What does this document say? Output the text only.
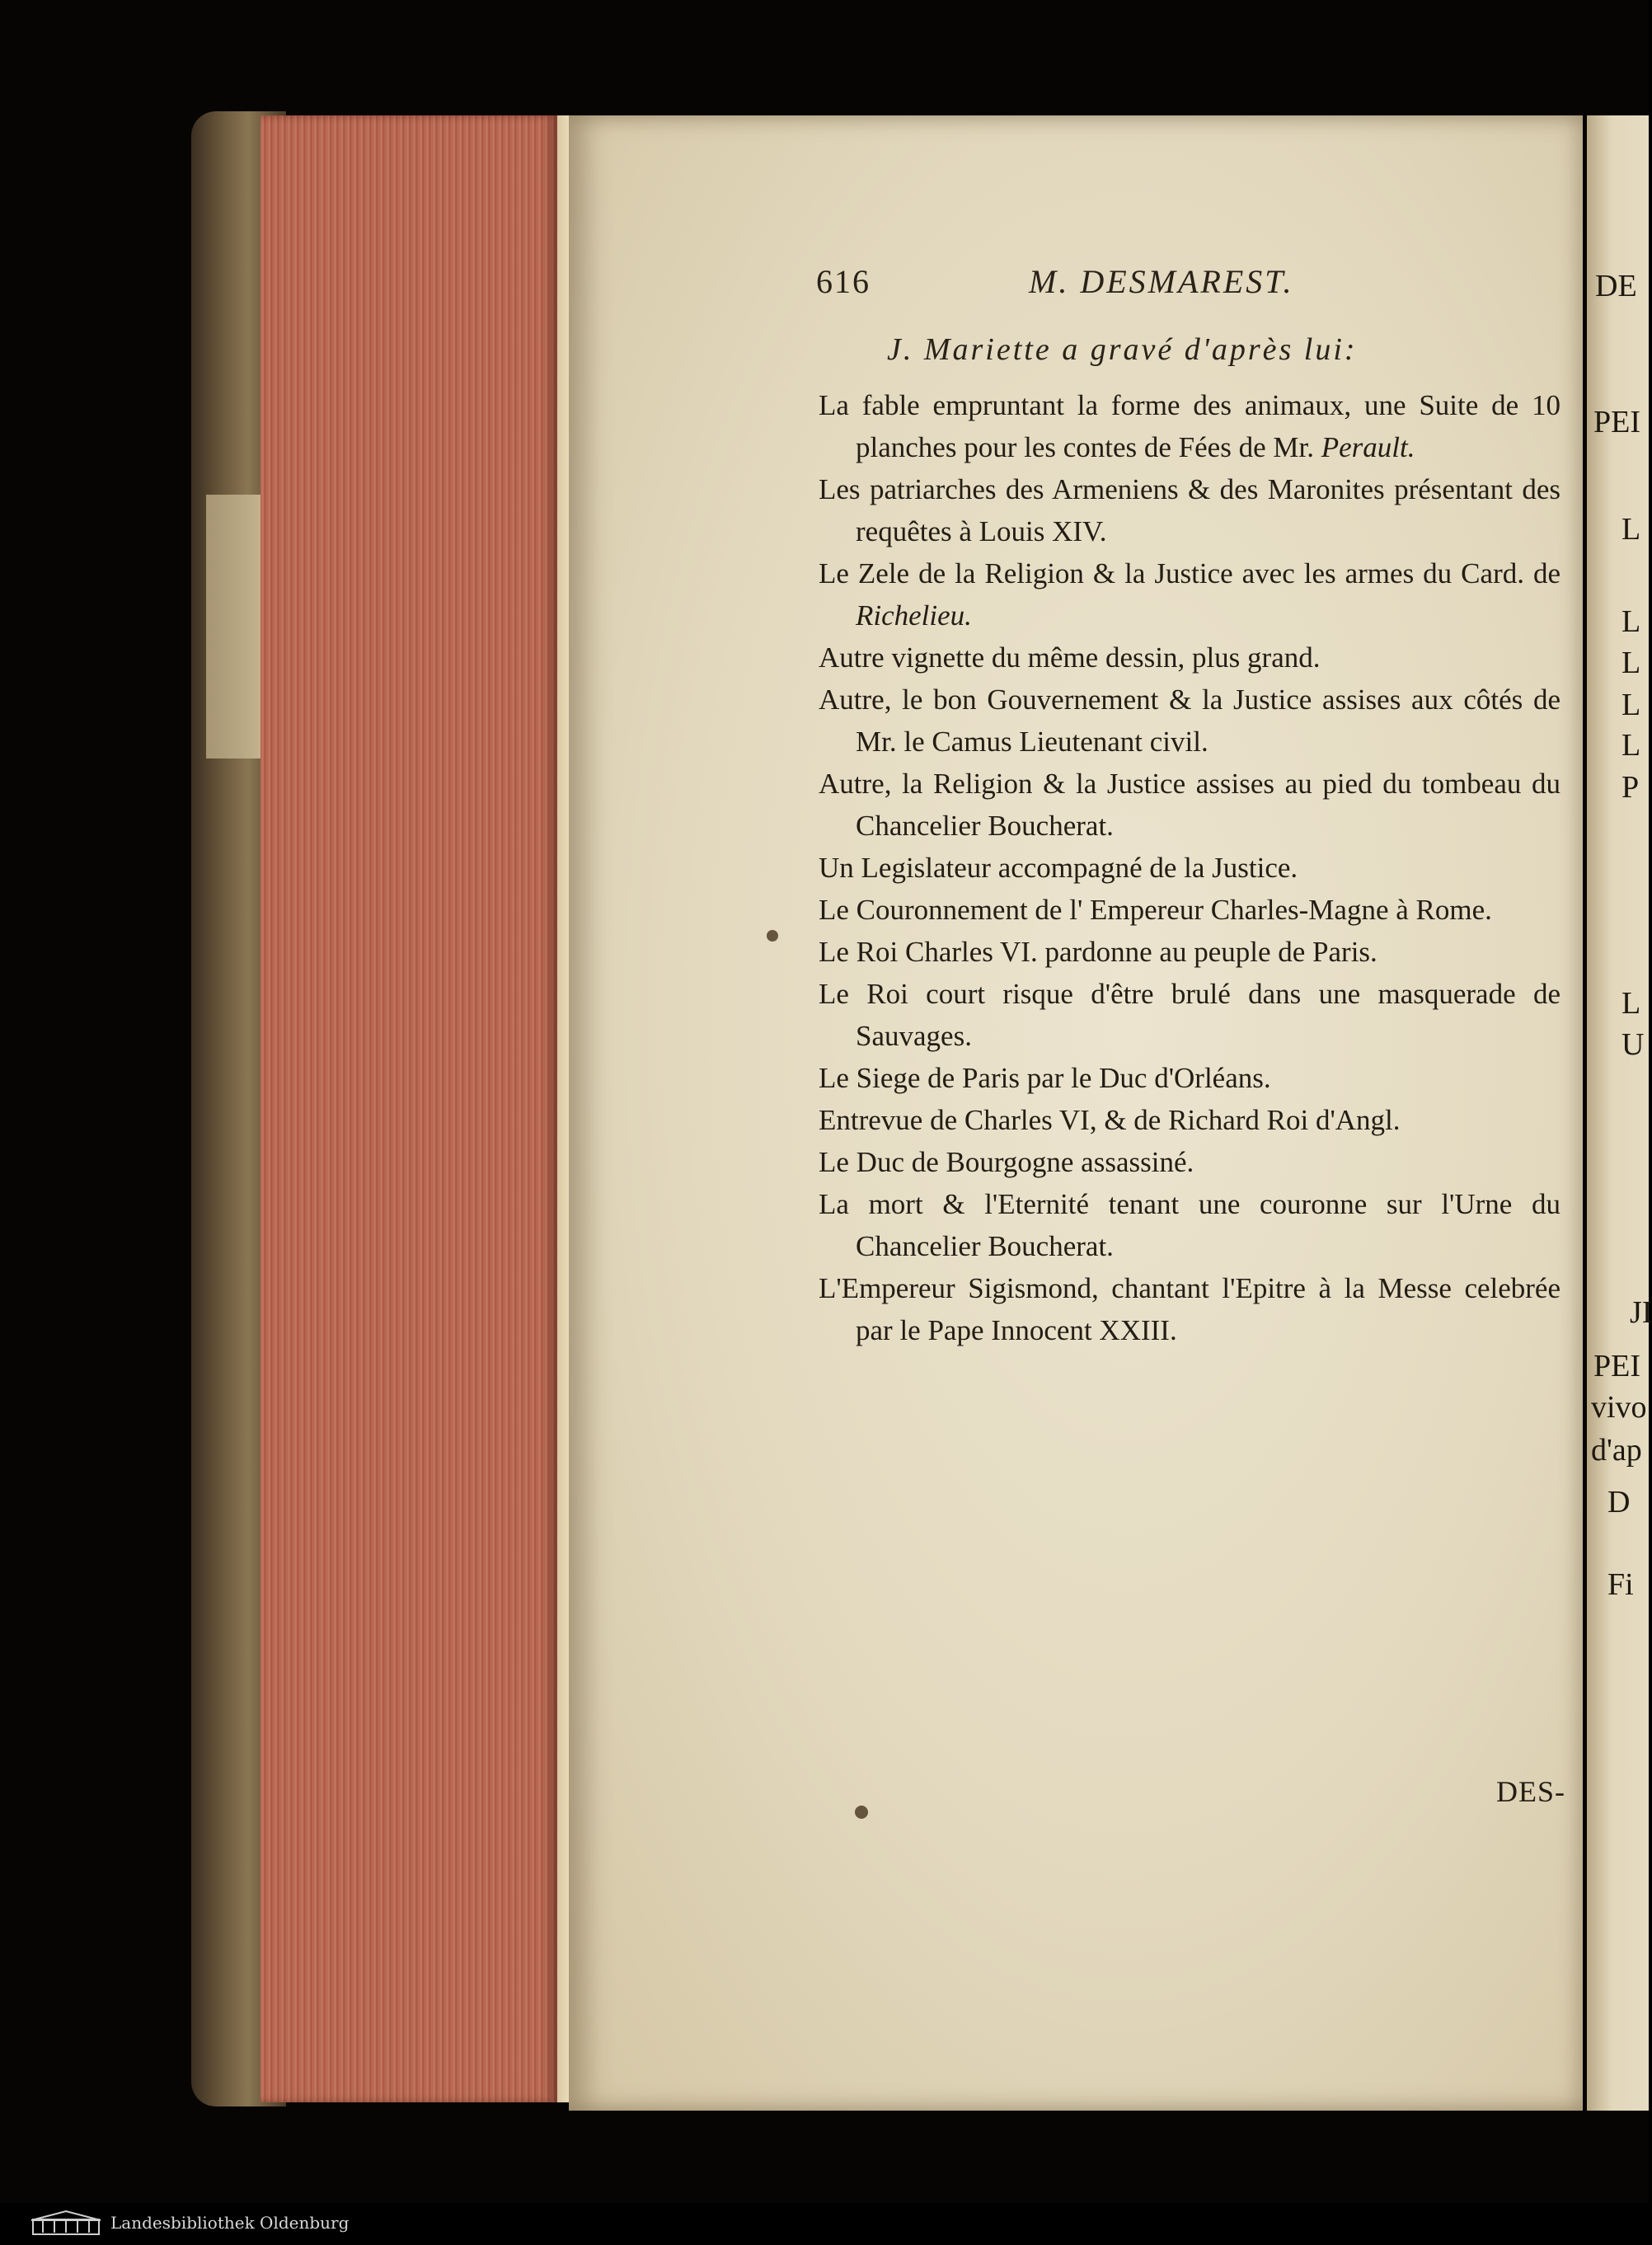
616	M. DESMAREST.
J. Mariette a gravé d'après lui:
La fable empruntant la forme des animaux, une Suite de 10 planches pour les contes de Fées de Mr. Perault.
Les patriarches des Armeniens & des Maronites présentant des requêtes à Louis XIV.
Le Zele de la Religion & la Justice avec les armes du Card. de Richelieu.
Autre vignette du même dessin, plus grand.
Autre, le bon Gouvernement & la Justice assises aux côtés de Mr. le Camus Lieutenant civil.
Autre, la Religion & la Justice assises au pied du tombeau du Chancelier Boucherat.
Un Legislateur accompagné de la Justice.
Le Couronnement de l' Empereur Charles-Magne à Rome.
Le Roi Charles VI. pardonne au peuple de Paris.
Le Roi court risque d'être brulé dans une masquerade de Sauvages.
Le Siege de Paris par le Duc d'Orléans.
Entrevue de Charles VI, & de Richard Roi d'Angl.
Le Duc de Bourgogne assassiné.
La mort & l'Eternité tenant une couronne sur l'Urne du Chancelier Boucherat.
L'Empereur Sigismond, chantant l'Epitre à la Messe celebrée par le Pape Innocent XXIII.
DES-
DE
PEI
L
L
L
L
L
P
L
U
JI
PEI
vivo
d'ap
D
Fi
Landesbibliothek Oldenburg
